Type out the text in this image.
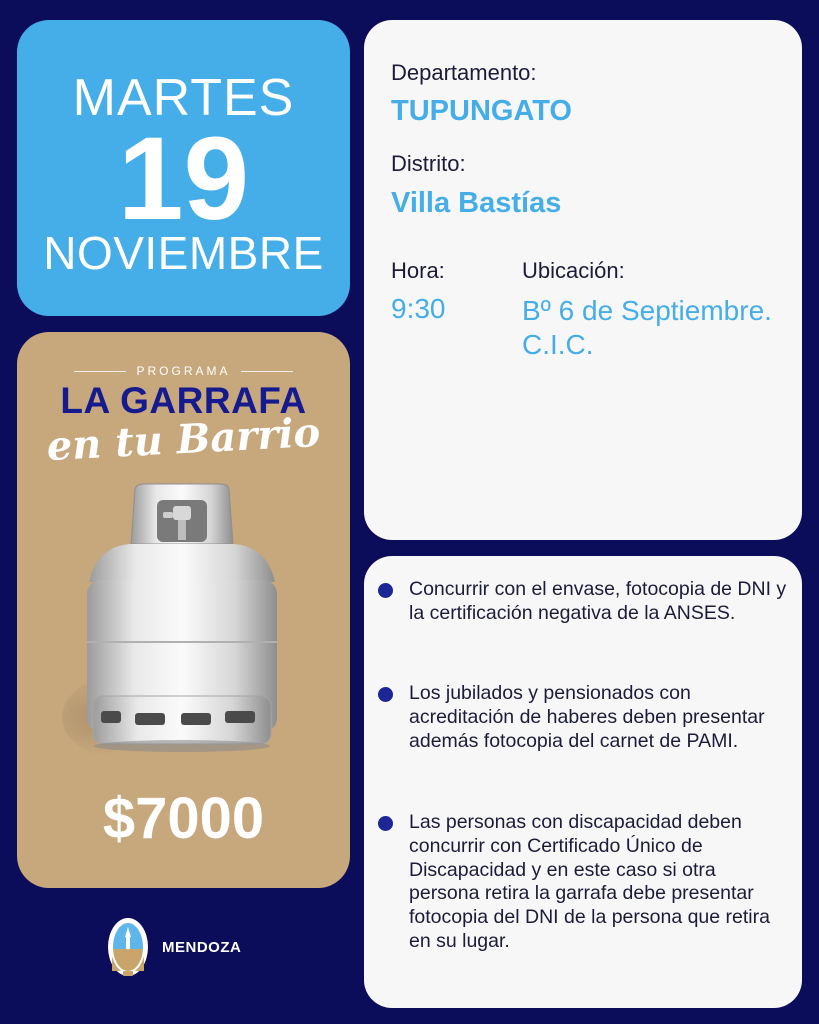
MARTES
19
NOVIEMBRE
PROGRAMA
LA GARRAFA
en tu Barrio
$7000
MENDOZA
Departamento:
TUPUNGATO
Distrito:
Villa Bastías
Hora:
9:30
Ubicación:
Bº 6 de Septiembre. C.I.C.
Concurrir con el envase, fotocopia de DNI y la certificación negativa de la ANSES.
Los jubilados y pensionados con acreditación de haberes deben presentar además fotocopia del carnet de PAMI.
Las personas con discapacidad deben concurrir con Certificado Único de Discapacidad y en este caso si otra persona retira la garrafa debe presentar fotocopia del DNI de la persona que retira en su lugar.
